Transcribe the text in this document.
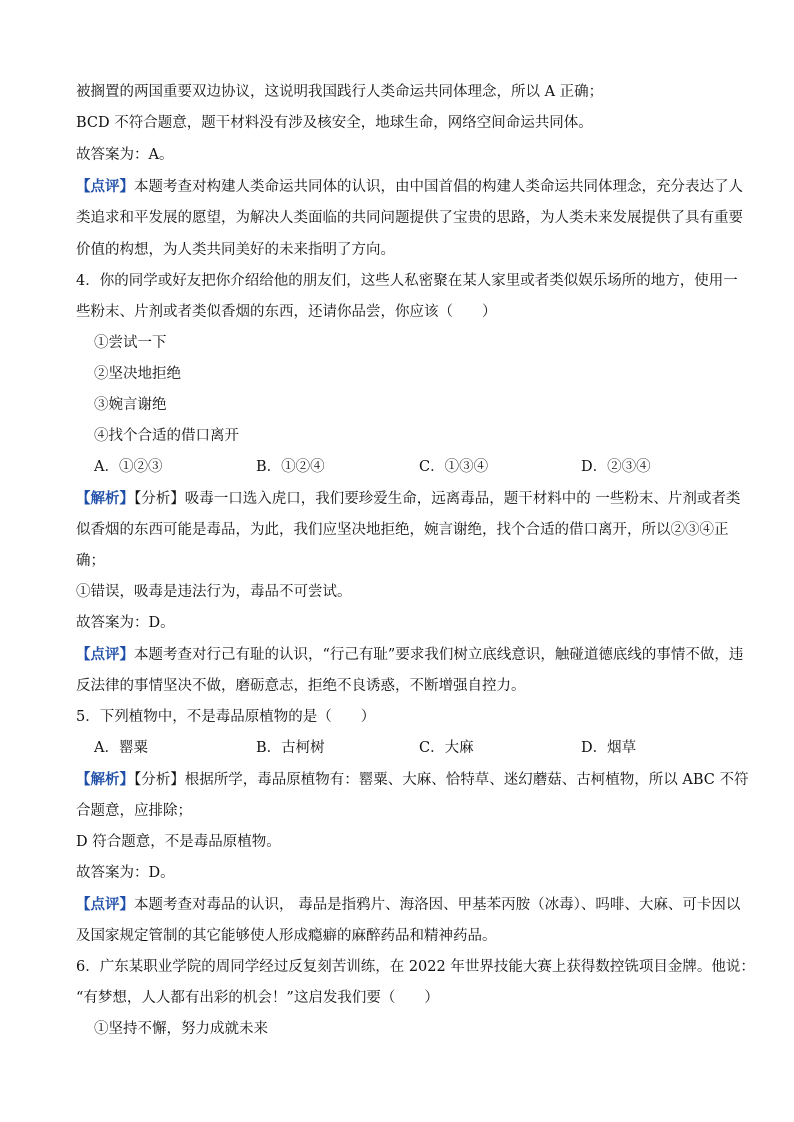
被搁置的两国重要双边协议，这说明我国践行人类命运共同体理念，所以 A 正确；
BCD 不符合题意，题干材料没有涉及核安全，地球生命，网络空间命运共同体。
故答案为：A。
【点评】本题考查对构建人类命运共同体的认识，由中国首倡的构建人类命运共同体理念，充分表达了人
类追求和平发展的愿望，为解决人类面临的共同问题提供了宝贵的思路，为人类未来发展提供了具有重要
价值的构想，为人类共同美好的未来指明了方向。
4．你的同学或好友把你介绍给他的朋友们，这些人私密聚在某人家里或者类似娱乐场所的地方，使用一
些粉末、片剂或者类似香烟的东西，还请你品尝，你应该（　　）
①尝试一下
②坚决地拒绝
③婉言谢绝
④找个合适的借口离开
A．①②③	B．①②④	C．①③④	D．②③④
【解析】【分析】吸毒一口选入虎口，我们要珍爱生命，远离毒品，题干材料中的 一些粉末、片剂或者类
似香烟的东西可能是毒品，为此，我们应坚决地拒绝，婉言谢绝，找个合适的借口离开，所以②③④正
确；
①错误，吸毒是违法行为，毒品不可尝试。
故答案为：D。
【点评】本题考查对行己有耻的认识，“行己有耻”要求我们树立底线意识，触碰道德底线的事情不做，违
反法律的事情坚决不做，磨砺意志，拒绝不良诱惑，不断增强自控力。
5．下列植物中，不是毒品原植物的是（　　）
A．罂粟	B．古柯树	C．大麻	D．烟草
【解析】【分析】根据所学，毒品原植物有：罂粟、大麻、恰特草、迷幻蘑菇、古柯植物，所以 ABC 不符
合题意，应排除；
D 符合题意，不是毒品原植物。
故答案为：D。
【点评】本题考查对毒品的认识， 毒品是指鸦片、海洛因、甲基苯丙胺（冰毒）、吗啡、大麻、可卡因以
及国家规定管制的其它能够使人形成瘾癖的麻醉药品和精神药品。
6．广东某职业学院的周同学经过反复刻苦训练，在 2022 年世界技能大赛上获得数控铣项目金牌。他说：
“有梦想，人人都有出彩的机会！”这启发我们要（　　）
①坚持不懈，努力成就未来
